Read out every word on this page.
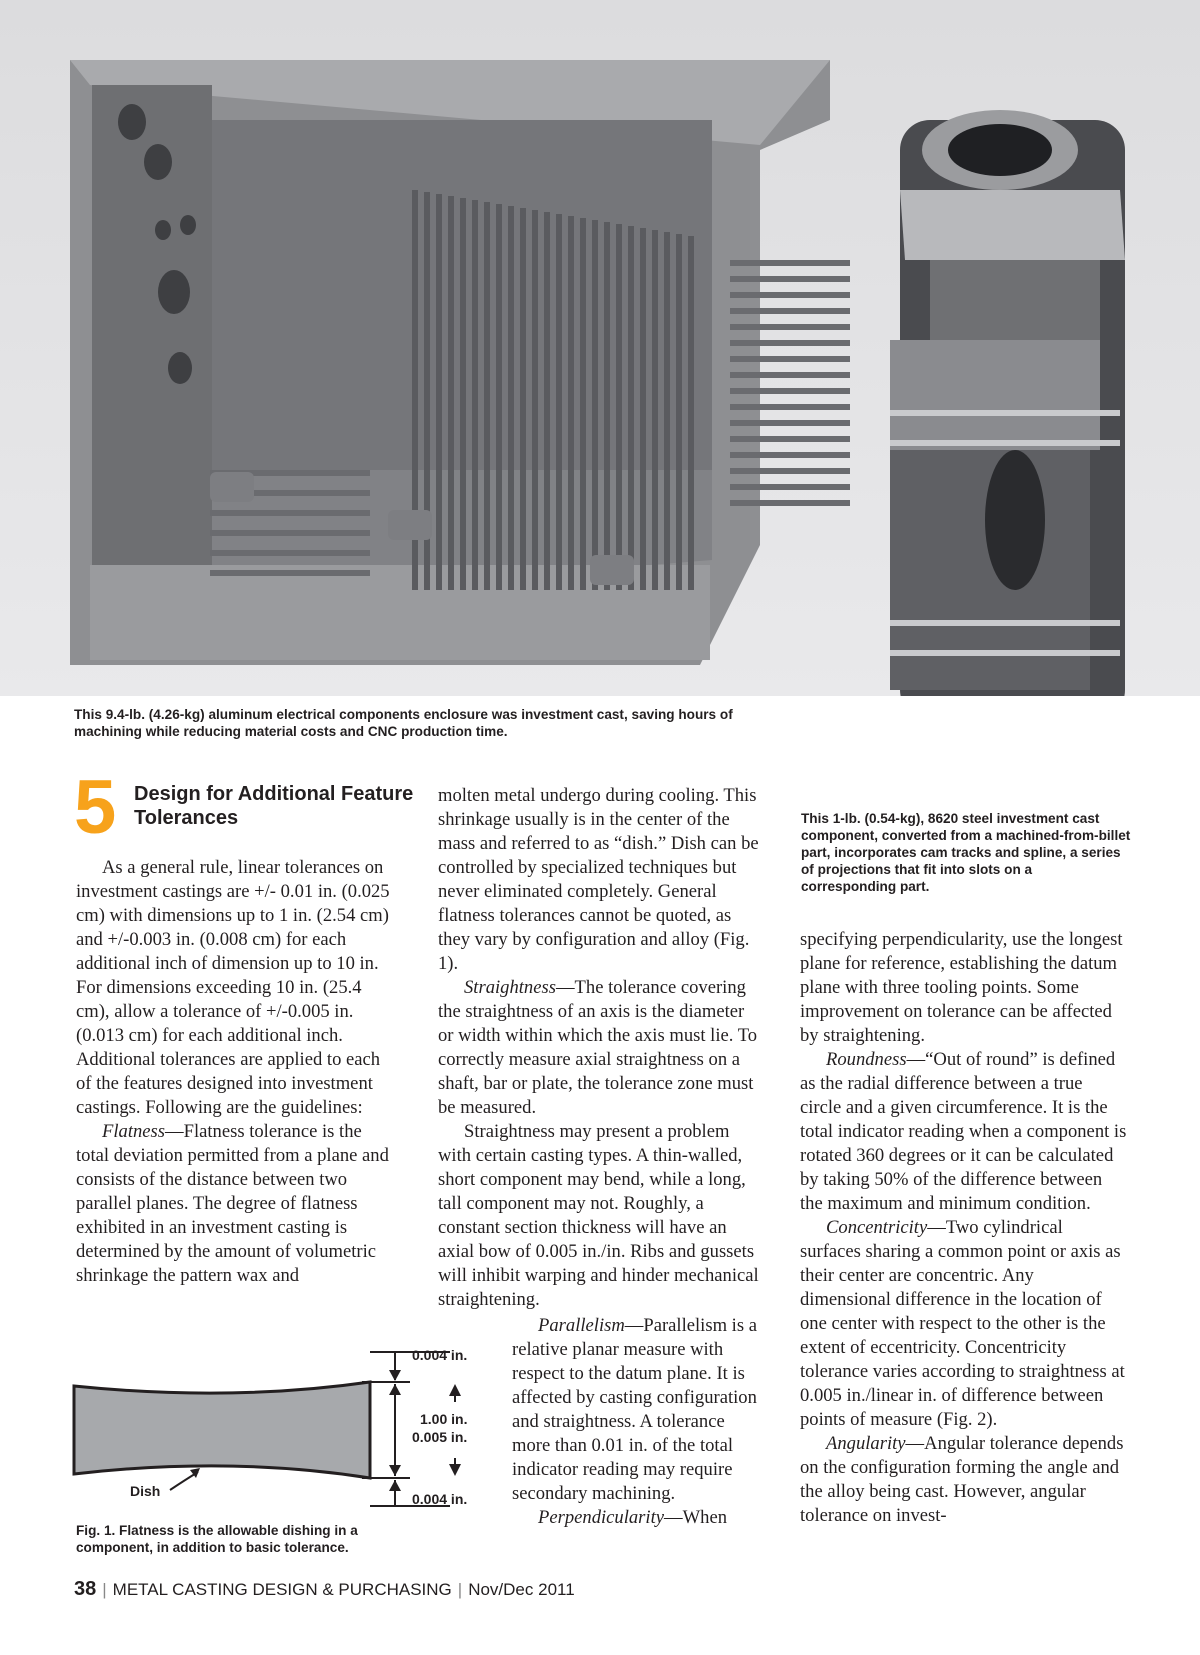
This 9.4-lb. (4.26-kg) aluminum electrical components enclosure was investment cast, saving hours of machining while reducing material costs and CNC production time.
This 1-lb. (0.54-kg), 8620 steel investment cast component, converted from a machined-from-billet part, incorporates cam tracks and spline, a series of projections that fit into slots on a corresponding part.
5 Design for Additional Feature Tolerances

As a general rule, linear tolerances on investment castings are +/- 0.01 in. (0.025 cm) with dimensions up to 1 in. (2.54 cm) and +/-0.003 in. (0.008 cm) for each additional inch of dimension up to 10 in. For dimensions exceeding 10 in. (25.4 cm), allow a tolerance of +/-0.005 in. (0.013 cm) for each additional inch. Additional tolerances are applied to each of the features designed into investment castings. Following are the guidelines:

Flatness—Flatness tolerance is the total deviation permitted from a plane and consists of the distance between two parallel planes. The degree of flatness exhibited in an investment casting is determined by the amount of volumetric shrinkage the pattern wax and

molten metal undergo during cooling. This shrinkage usually is in the center of the mass and referred to as “dish.” Dish can be controlled by specialized techniques but never eliminated completely. General flatness tolerances cannot be quoted, as they vary by configuration and alloy (Fig. 1).

Straightness—The tolerance covering the straightness of an axis is the diameter or width within which the axis must lie. To correctly measure axial straightness on a shaft, bar or plate, the tolerance zone must be measured.

Straightness may present a problem with certain casting types. A thin-walled, short component may bend, while a long, tall component may not. Roughly, a constant section thickness will have an axial bow of 0.005 in./in. Ribs and gussets will inhibit warping and hinder mechanical straightening.

Parallelism—Parallelism is a relative planar measure with respect to the datum plane. It is affected by casting configuration and straightness. A tolerance more than 0.01 in. of the total indicator reading may require secondary machining.

Perpendicularity—When

specifying perpendicularity, use the longest plane for reference, establishing the datum plane with three tooling points. Some improvement on tolerance can be affected by straightening.

Roundness—“Out of round” is defined as the radial difference between a true circle and a given circumference. It is the total indicator reading when a component is rotated 360 degrees or it can be calculated by taking 50% of the difference between the maximum and minimum condition.

Concentricity—Two cylindrical surfaces sharing a common point or axis as their center are concentric. Any dimensional difference in the location of one center with respect to the other is the extent of eccentricity. Concentricity tolerance varies according to straightness at 0.005 in./linear in. of difference between points of measure (Fig. 2).

Angularity—Angular tolerance depends on the configuration forming the angle and the alloy being cast. However, angular tolerance on invest-

0.004 in.
1.00 in.
0.005 in.
0.004 in.
Dish
Fig. 1. Flatness is the allowable dishing in a component, in addition to basic tolerance.
38 | METAL CASTING DESIGN & PURCHASING | Nov/Dec 2011
